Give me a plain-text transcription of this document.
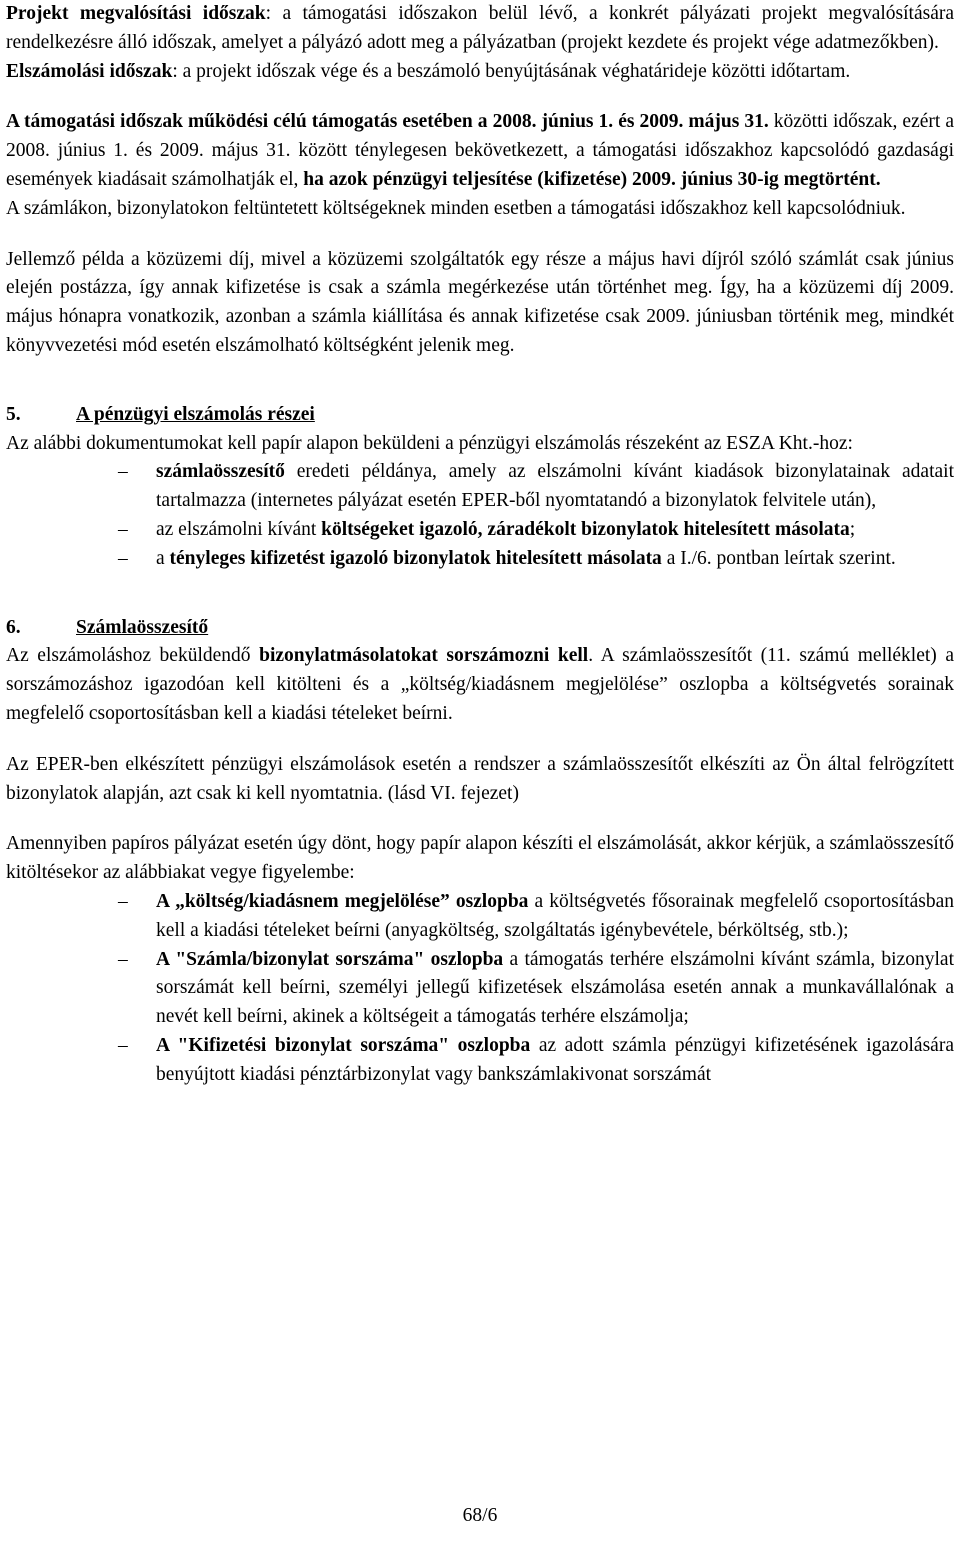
Projekt megvalósítási időszak: a támogatási időszakon belül lévő, a konkrét pályázati projekt megvalósítására rendelkezésre álló időszak, amelyet a pályázó adott meg a pályázatban (projekt kezdete és projekt vége adatmezőkben).

Elszámolási időszak: a projekt időszak vége és a beszámoló benyújtásának véghatárideje közötti időtartam.

A támogatási időszak működési célú támogatás esetében a 2008. június 1. és 2009. május 31. közötti időszak, ezért a 2008. június 1. és 2009. május 31. között ténylegesen bekövetkezett, a támogatási időszakhoz kapcsolódó gazdasági események kiadásait számolhatják el, ha azok pénzügyi teljesítése (kifizetése) 2009. június 30-ig megtörtént.

A számlákon, bizonylatokon feltüntetett költségeknek minden esetben a támogatási időszakhoz kell kapcsolódniuk.

Jellemző példa a közüzemi díj, mivel a közüzemi szolgáltatók egy része a május havi díjról szóló számlát csak június elején postázza, így annak kifizetése is csak a számla megérkezése után történhet meg. Így, ha a közüzemi díj 2009. május hónapra vonatkozik, azonban a számla kiállítása és annak kifizetése csak 2009. júniusban történik meg, mindkét könyvvezetési mód esetén elszámolható költségként jelenik meg.

5.	A pénzügyi elszámolás részei

Az alábbi dokumentumokat kell papír alapon beküldeni a pénzügyi elszámolás részeként az ESZA Kht.-hoz:

– számlaösszesítő eredeti példánya, amely az elszámolni kívánt kiadások bizonylatainak adatait tartalmazza (internetes pályázat esetén EPER-ből nyomtatandó a bizonylatok felvitele után),
– az elszámolni kívánt költségeket igazoló, záradékolt bizonylatok hitelesített másolata;
– a tényleges kifizetést igazoló bizonylatok hitelesített másolata a I./6. pontban leírtak szerint.

6.	Számlaösszesítő

Az elszámoláshoz beküldendő bizonylatmásolatokat sorszámozni kell. A számlaösszesítőt (11. számú melléklet) a sorszámozáshoz igazodóan kell kitölteni és a „költség/kiadásnem megjelölése” oszlopba a költségvetés sorainak megfelelő csoportosításban kell a kiadási tételeket beírni.

Az EPER-ben elkészített pénzügyi elszámolások esetén a rendszer a számlaösszesítőt elkészíti az Ön által felrögzített bizonylatok alapján, azt csak ki kell nyomtatnia. (lásd VI. fejezet)

Amennyiben papíros pályázat esetén úgy dönt, hogy papír alapon készíti el elszámolását, akkor kérjük, a számlaösszesítő kitöltésekor az alábbiakat vegye figyelembe:

– A „költség/kiadásnem megjelölése” oszlopba a költségvetés fősorainak megfelelő csoportosításban kell a kiadási tételeket beírni (anyagköltség, szolgáltatás igénybevétele, bérköltség, stb.);
– A "Számla/bizonylat sorszáma" oszlopba a támogatás terhére elszámolni kívánt számla, bizonylat sorszámát kell beírni, személyi jellegű kifizetések elszámolása esetén annak a munkavállalónak a nevét kell beírni, akinek a költségeit a támogatás terhére elszámolja;
– A "Kifizetési bizonylat sorszáma" oszlopba az adott számla pénzügyi kifizetésének igazolására benyújtott kiadási pénztárbizonylat vagy bankszámlakivonat sorszámát
68/6
